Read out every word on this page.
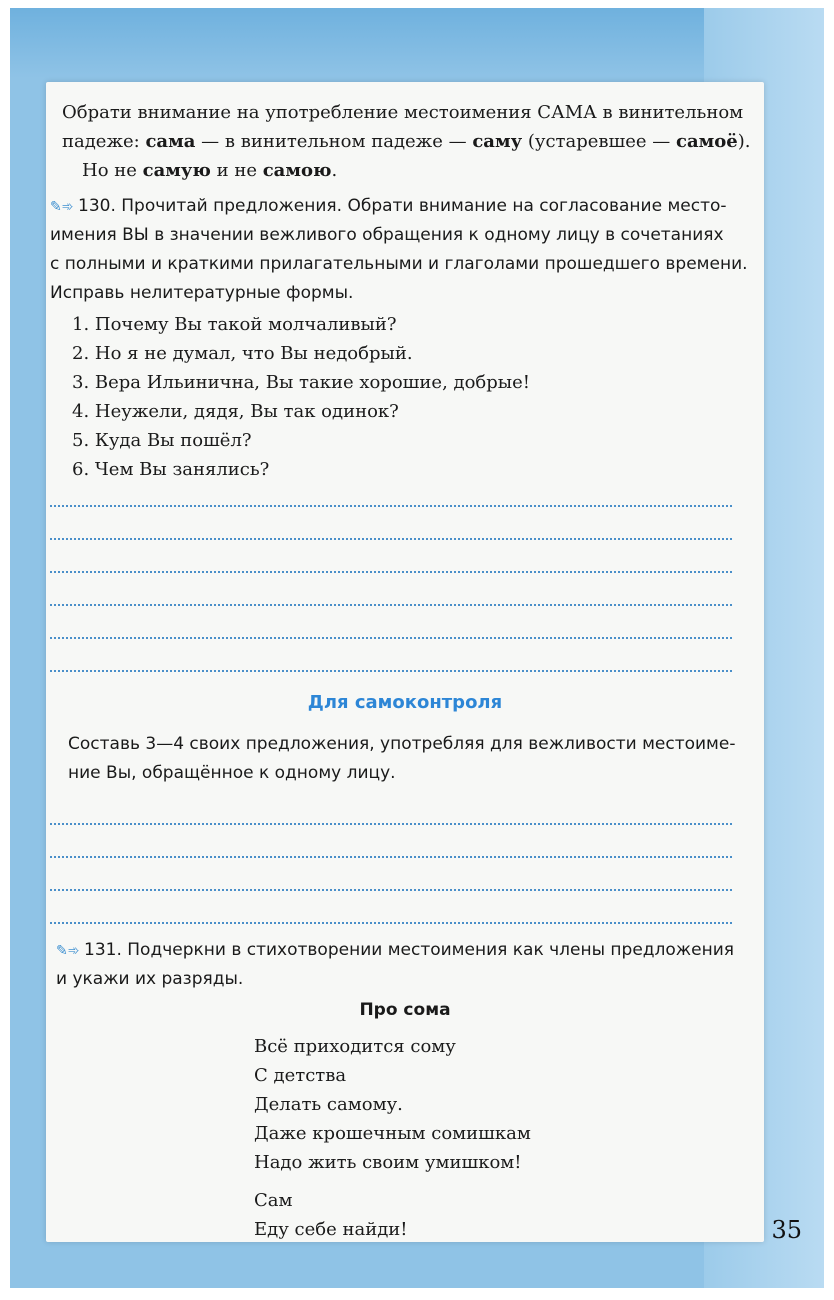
Обрати внимание на употребление местоимения САМА в винительном

падеже: сама — в винительном падеже — саму (устаревшее — самоё).

Но не самую и не самою.

✎➾ 130. Прочитай предложения. Обрати внимание на согласование место-

имения ВЫ в значении вежливого обращения к одному лицу в сочетаниях

с полными и краткими прилагательными и глаголами прошедшего времени.

Исправь нелитературные формы.

1. Почему Вы такой молчаливый?
2. Но я не думал, что Вы недобрый.
3. Вера Ильинична, Вы такие хорошие, добрые!
4. Неужели, дядя, Вы так одинок?
5. Куда Вы пошёл?
6. Чем Вы занялись?
Для самоконтроля

Составь 3—4 своих предложения, употребляя для вежливости местоиме-

ние Вы, обращённое к одному лицу.

✎➾ 131. Подчеркни в стихотворении местоимения как члены предложения

и укажи их разряды.

Про сома

Всё приходится сому

С детства

Делать самому.

Даже крошечным сомишкам

Надо жить своим умишком!

Сам

Еду себе найди!	35
